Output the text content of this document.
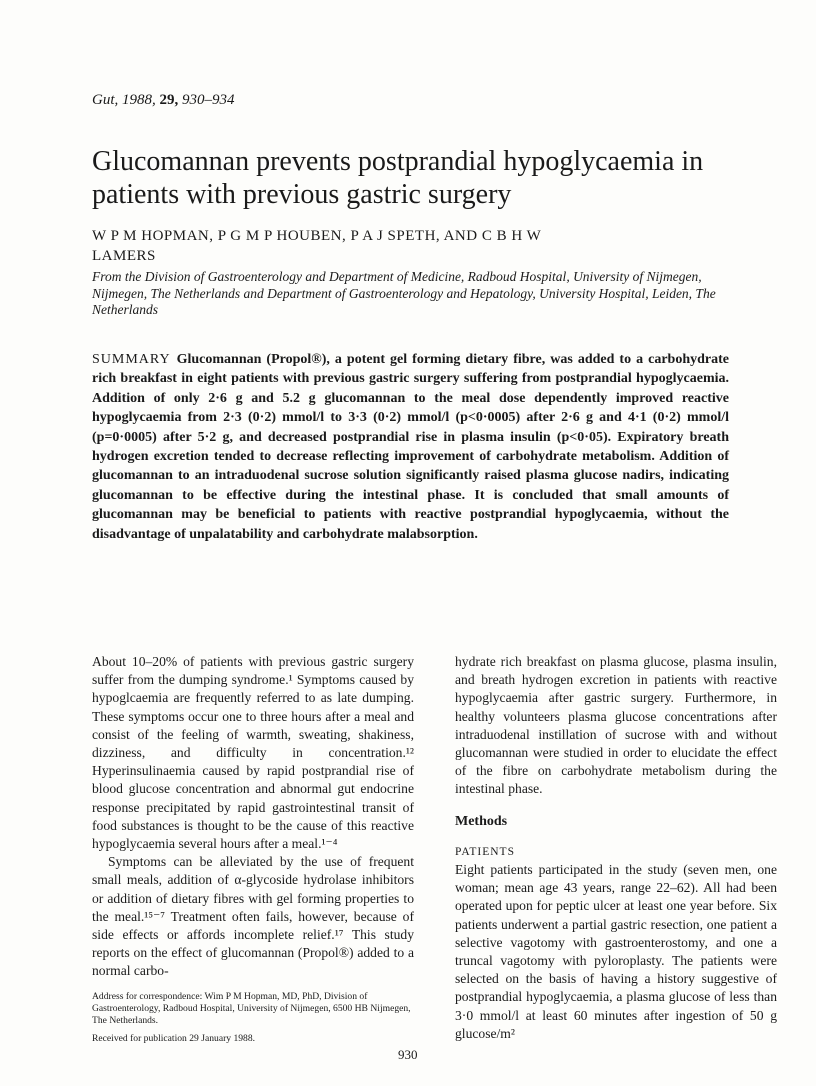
Gut, 1988, 29, 930–934
Glucomannan prevents postprandial hypoglycaemia in patients with previous gastric surgery
W P M HOPMAN, P G M P HOUBEN, P A J SPETH, AND C B H W LAMERS
From the Division of Gastroenterology and Department of Medicine, Radboud Hospital, University of Nijmegen, Nijmegen, The Netherlands and Department of Gastroenterology and Hepatology, University Hospital, Leiden, The Netherlands
SUMMARY Glucomannan (Propol®), a potent gel forming dietary fibre, was added to a carbohydrate rich breakfast in eight patients with previous gastric surgery suffering from postprandial hypoglycaemia. Addition of only 2·6 g and 5.2 g glucomannan to the meal dose dependently improved reactive hypoglycaemia from 2·3 (0·2) mmol/l to 3·3 (0·2) mmol/l (p<0·0005) after 2·6 g and 4·1 (0·2) mmol/l (p=0·0005) after 5·2 g, and decreased postprandial rise in plasma insulin (p<0·05). Expiratory breath hydrogen excretion tended to decrease reflecting improvement of carbohydrate metabolism. Addition of glucomannan to an intraduodenal sucrose solution significantly raised plasma glucose nadirs, indicating glucomannan to be effective during the intestinal phase. It is concluded that small amounts of glucomannan may be beneficial to patients with reactive postprandial hypoglycaemia, without the disadvantage of unpalatability and carbohydrate malabsorption.

About 10–20% of patients with previous gastric surgery suffer from the dumping syndrome.¹ Symptoms caused by hypoglcaemia are frequently referred to as late dumping. These symptoms occur one to three hours after a meal and consist of the feeling of warmth, sweating, shakiness, dizziness, and difficulty in concentration.¹² Hyperinsulinaemia caused by rapid postprandial rise of blood glucose concentration and abnormal gut endocrine response precipitated by rapid gastrointestinal transit of food substances is thought to be the cause of this reactive hypoglycaemia several hours after a meal.¹⁻⁴

Symptoms can be alleviated by the use of frequent small meals, addition of α-glycoside hydrolase inhibitors or addition of dietary fibres with gel forming properties to the meal.¹⁵⁻⁷ Treatment often fails, however, because of side effects or affords incomplete relief.¹⁷ This study reports on the effect of glucomannan (Propol®) added to a normal carbo-

hydrate rich breakfast on plasma glucose, plasma insulin, and breath hydrogen excretion in patients with reactive hypoglycaemia after gastric surgery. Furthermore, in healthy volunteers plasma glucose concentrations after intraduodenal instillation of sucrose with and without glucomannan were studied in order to elucidate the effect of the fibre on carbohydrate metabolism during the intestinal phase.

Methods

PATIENTS

Eight patients participated in the study (seven men, one woman; mean age 43 years, range 22–62). All had been operated upon for peptic ulcer at least one year before. Six patients underwent a partial gastric resection, one patient a selective vagotomy with gastroenterostomy, and one a truncal vagotomy with pyloroplasty. The patients were selected on the basis of having a history suggestive of postprandial hypoglycaemia, a plasma glucose of less than 3·0 mmol/l at least 60 minutes after ingestion of 50 g glucose/m²

Address for correspondence: Wim P M Hopman, MD, PhD, Division of Gastroenterology, Radboud Hospital, University of Nijmegen, 6500 HB Nijmegen, The Netherlands.
Received for publication 29 January 1988.
930
